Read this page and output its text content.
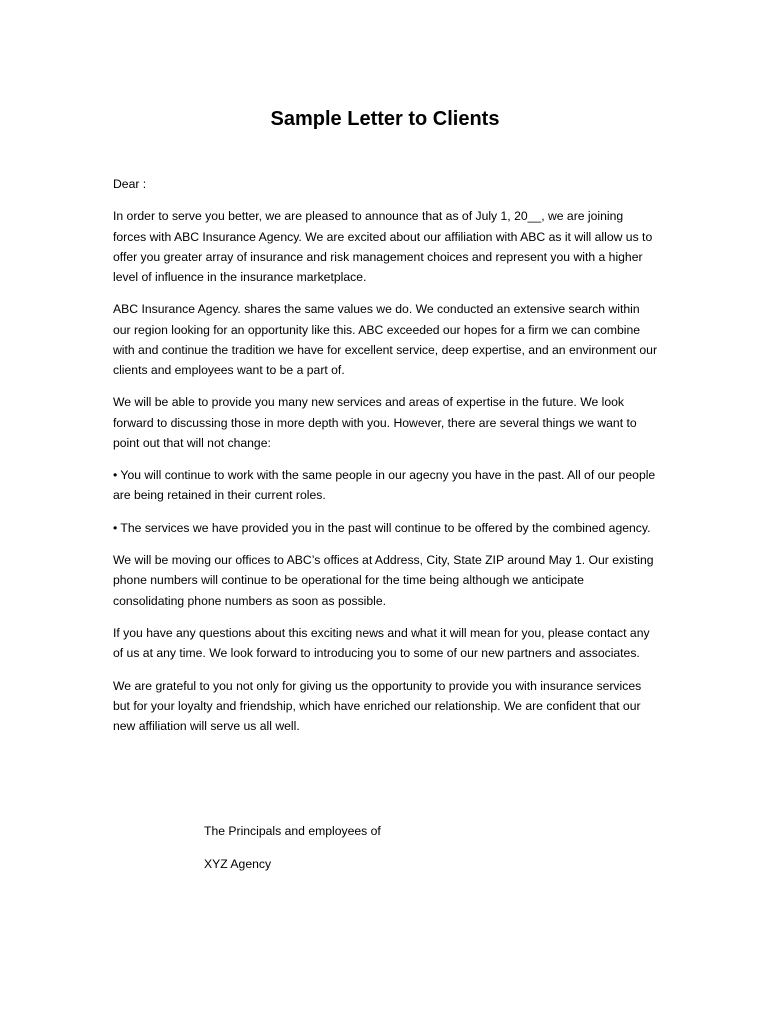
Sample Letter to Clients

Dear :

In order to serve you better, we are pleased to announce that as of July 1, 20__, we are joining forces with ABC Insurance Agency. We are excited about our affiliation with ABC as it will allow us to offer you greater array of insurance and risk management choices and represent you with a higher level of influence in the insurance marketplace.

ABC Insurance Agency. shares the same values we do. We conducted an extensive search within our region looking for an opportunity like this. ABC exceeded our hopes for a firm we can combine with and continue the tradition we have for excellent service, deep expertise, and an environment our clients and employees want to be a part of.

We will be able to provide you many new services and areas of expertise in the future. We look forward to discussing those in more depth with you. However, there are several things we want to point out that will not change:

• You will continue to work with the same people in our agecny you have in the past. All of our people are being retained in their current roles.

• The services we have provided you in the past will continue to be offered by the combined agency.

We will be moving our offices to ABC’s offices at Address, City, State ZIP around May 1. Our existing phone numbers will continue to be operational for the time being although we anticipate consolidating phone numbers as soon as possible.

If you have any questions about this exciting news and what it will mean for you, please contact any of us at any time. We look forward to introducing you to some of our new partners and associates.

We are grateful to you not only for giving us the opportunity to provide you with insurance services but for your loyalty and friendship, which have enriched our relationship. We are confident that our new affiliation will serve us all well.

The Principals and employees of

XYZ Agency
